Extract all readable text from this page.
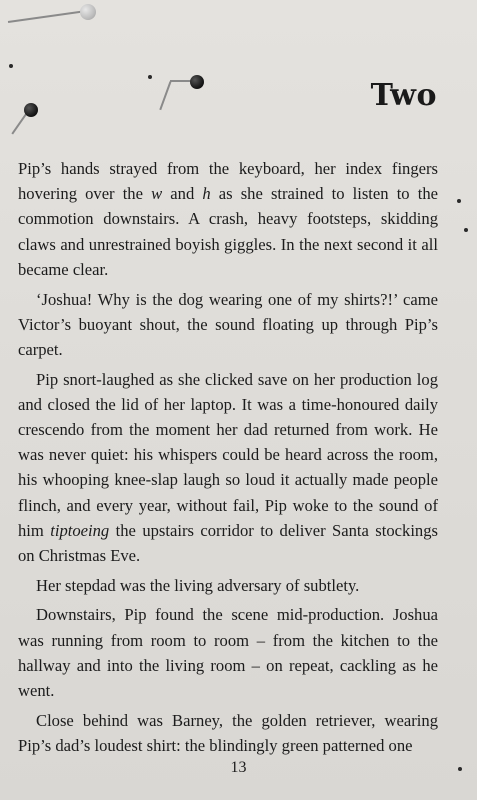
Two

Pip’s hands strayed from the keyboard, her index fingers hovering over the w and h as she strained to listen to the commotion downstairs. A crash, heavy footsteps, skidding claws and unrestrained boyish giggles. In the next second it all became clear.

‘Joshua! Why is the dog wearing one of my shirts?!’ came Victor’s buoyant shout, the sound floating up through Pip’s carpet.

Pip snort-laughed as she clicked save on her production log and closed the lid of her laptop. It was a time-honoured daily crescendo from the moment her dad returned from work. He was never quiet: his whispers could be heard across the room, his whooping knee-slap laugh so loud it actually made people flinch, and every year, without fail, Pip woke to the sound of him tiptoeing the upstairs corridor to deliver Santa stockings on Christmas Eve.

Her stepdad was the living adversary of subtlety.

Downstairs, Pip found the scene mid-production. Joshua was running from room to room – from the kitchen to the hallway and into the living room – on repeat, cackling as he went.

Close behind was Barney, the golden retriever, wearing Pip’s dad’s loudest shirt: the blindingly green patterned one

13
